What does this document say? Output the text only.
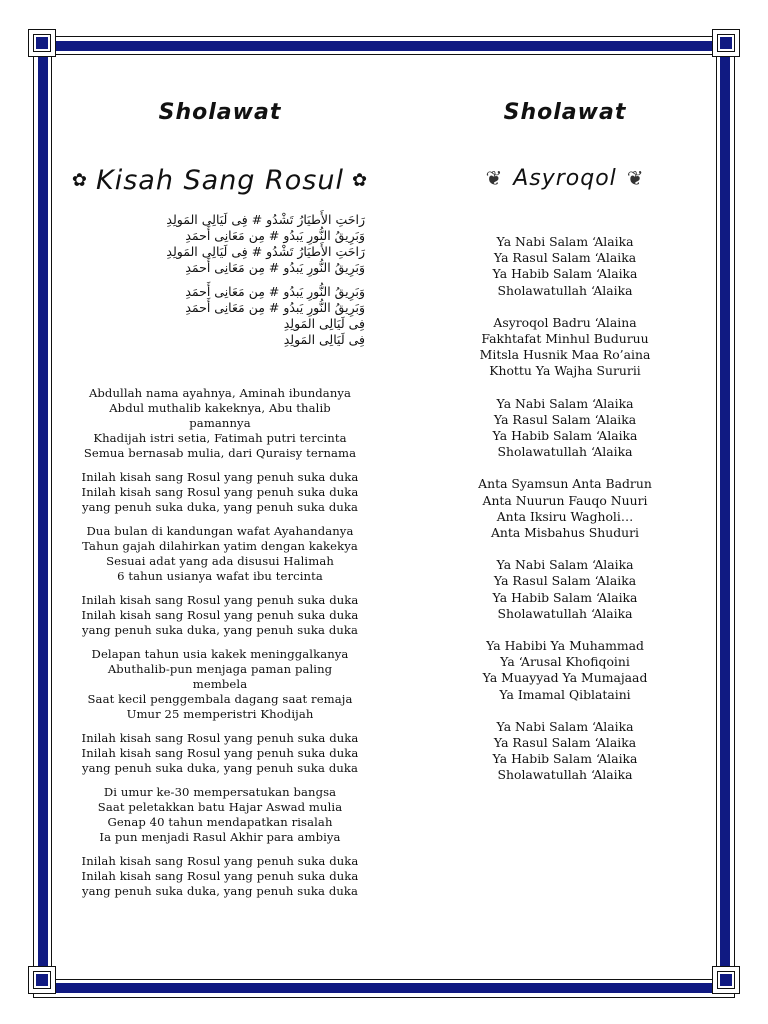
Sholawat
✿ Kisah Sang Rosul ✿
رَاحَتِ الأَطيَارُ تَشْدُو # فِى لَيَالِى المَولِدِ
وَبَرِيقُ النُّورِ يَبدُو # مِن مَعَانِى أَحمَدِ
رَاحَتِ الأَطيَارُ تَشْدُو # فِى لَيَالِى المَولِدِ
وَبَرِيقُ النُّورِ يَبدُو # مِن مَعَانِى أَحمَدِ
وَبَرِيقُ النُّورِ يَبدُو # مِن مَعَانِى أَحمَدِ
وَبَرِيقُ النُّورِ يَبدُو # مِن مَعَانِى أَحمَدِ
فِى لَيَالِى المَولِدِ
فِى لَيَالِى المَولِدِ
Abdullah nama ayahnya, Aminah ibundanya
Abdul muthalib kakeknya, Abu thalib
pamannya
Khadijah istri setia, Fatimah putri tercinta
Semua bernasab mulia, dari Quraisy ternama
Inilah kisah sang Rosul yang penuh suka duka
Inilah kisah sang Rosul yang penuh suka duka
yang penuh suka duka, yang penuh suka duka
Dua bulan di kandungan wafat Ayahandanya
Tahun gajah dilahirkan yatim dengan kakekya
Sesuai adat yang ada disusui Halimah
6 tahun usianya wafat ibu tercinta
Inilah kisah sang Rosul yang penuh suka duka
Inilah kisah sang Rosul yang penuh suka duka
yang penuh suka duka, yang penuh suka duka
Delapan tahun usia kakek meninggalkanya
Abuthalib-pun menjaga paman paling
membela
Saat kecil penggembala dagang saat remaja
Umur 25 memperistri Khodijah
Inilah kisah sang Rosul yang penuh suka duka
Inilah kisah sang Rosul yang penuh suka duka
yang penuh suka duka, yang penuh suka duka
Di umur ke-30 mempersatukan bangsa
Saat peletakkan batu Hajar Aswad mulia
Genap 40 tahun mendapatkan risalah
Ia pun menjadi Rasul Akhir para ambiya
Inilah kisah sang Rosul yang penuh suka duka
Inilah kisah sang Rosul yang penuh suka duka
yang penuh suka duka, yang penuh suka duka
Sholawat
❦ Asyroqol ❦
Ya Nabi Salam ‘Alaika
Ya Rasul Salam ‘Alaika
Ya Habib Salam ‘Alaika
Sholawatullah ‘Alaika
Asyroqol Badru ‘Alaina
Fakhtafat Minhul Buduruu
Mitsla Husnik Maa Ro’aina
Khottu Ya Wajha Sururii
Ya Nabi Salam ‘Alaika
Ya Rasul Salam ‘Alaika
Ya Habib Salam ‘Alaika
Sholawatullah ‘Alaika
Anta Syamsun Anta Badrun
Anta Nuurun Fauqo Nuuri
Anta Iksiru Wagholi…
Anta Misbahus Shuduri
Ya Nabi Salam ‘Alaika
Ya Rasul Salam ‘Alaika
Ya Habib Salam ‘Alaika
Sholawatullah ‘Alaika
Ya Habibi Ya Muhammad
Ya ‘Arusal Khofiqoini
Ya Muayyad Ya Mumajaad
Ya Imamal Qiblataini
Ya Nabi Salam ‘Alaika
Ya Rasul Salam ‘Alaika
Ya Habib Salam ‘Alaika
Sholawatullah ‘Alaika
